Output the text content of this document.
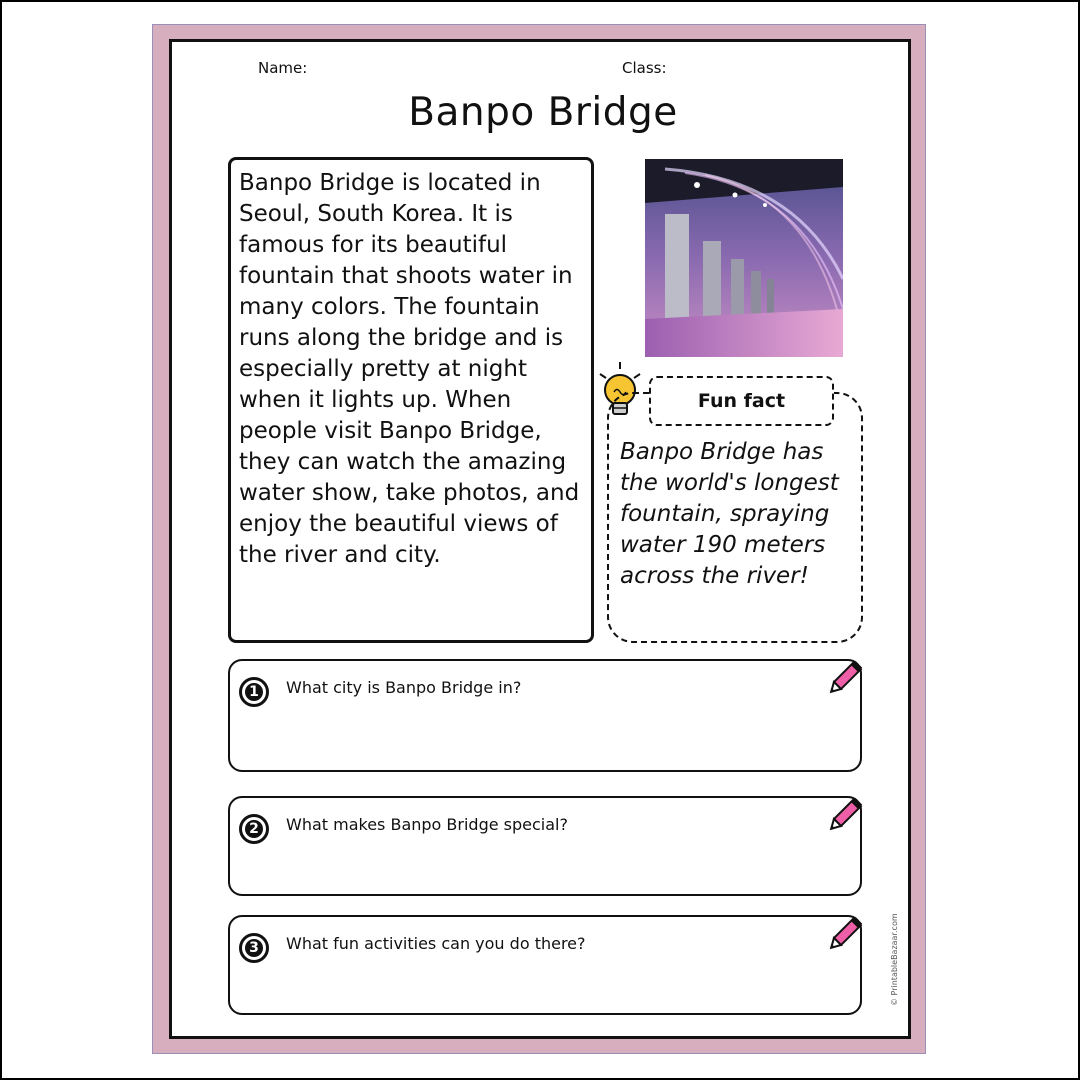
Name:	Class:
Banpo Bridge
Banpo Bridge is located in Seoul, South Korea. It is famous for its beautiful fountain that shoots water in many colors. The fountain runs along the bridge and is especially pretty at night when it lights up. When people visit Banpo Bridge, they can watch the amazing water show, take photos, and enjoy the beautiful views of the river and city.
Fun fact
Banpo Bridge has the world's longest fountain, spraying water 190 meters across the river!
1 What city is Banpo Bridge in?
2 What makes Banpo Bridge special?
3 What fun activities can you do there?	© PrintableBazaar.com
